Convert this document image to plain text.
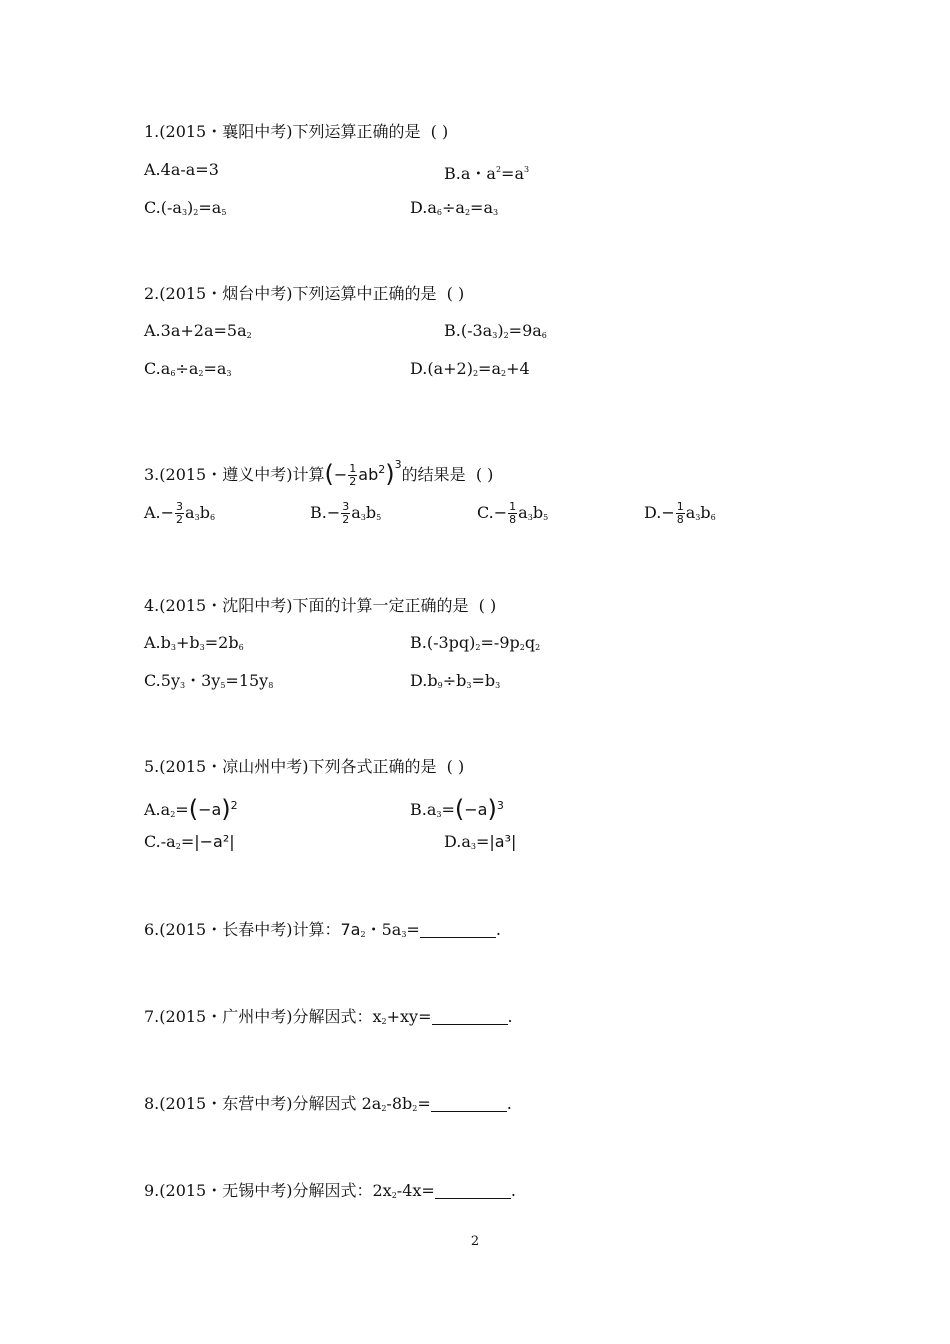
1.(2015・襄阳中考)下列运算正确的是 ( )
A.4a-a=3	B.a・$a^2=a^3$
$C.(-a_3)_2=a_5$	$D.a_6\div a_2=a_3$
2.(2015・烟台中考)下列运算中正确的是 ( )
$A.3a+2a=5a_2$	$B.(-3a_3)_2=9a_6$
$C.a_6\div a_2=a_3$	$D.(a+2)_2=a_2+4$
3.(2015・遵义中考)计算(− $\frac{1}{2} ab^2)^3$的结果是 ( )
$A.- \frac{3}{2} a_3b_6$	$B.- \frac{3}{2} a_3b_5$	$C.- \frac{1}{8} a_3b_5$	$D.- \frac{1}{8} a_3b_6$
4.(2015・沈阳中考)下面的计算一定正确的是 ( )
$A.b_3+b_3=2b_6$	$B.(-3pq)_2=-9p_2q_2$
$C.5y_3$・$3y_5=15y_8$	$D.b_9\div b_3=b_3$
5.(2015・凉山州中考)下列各式正确的是 ( )
$A.a_2=(-a)^2$	$B.a_3=(-a)^3$
$C.-a_2=|-a^2|$	$D.a_3=|a^3|$
6.(2015・长春中考)计算：$7a_2$・$5a_3=$	.
7.(2015・广州中考)分解因式：$x_2+xy=$	.
8.(2015・东营中考)分解因式 $2a_2-8b_2=$	.
9.(2015・无锡中考)分解因式：$2x_2-4x=$	.
2
